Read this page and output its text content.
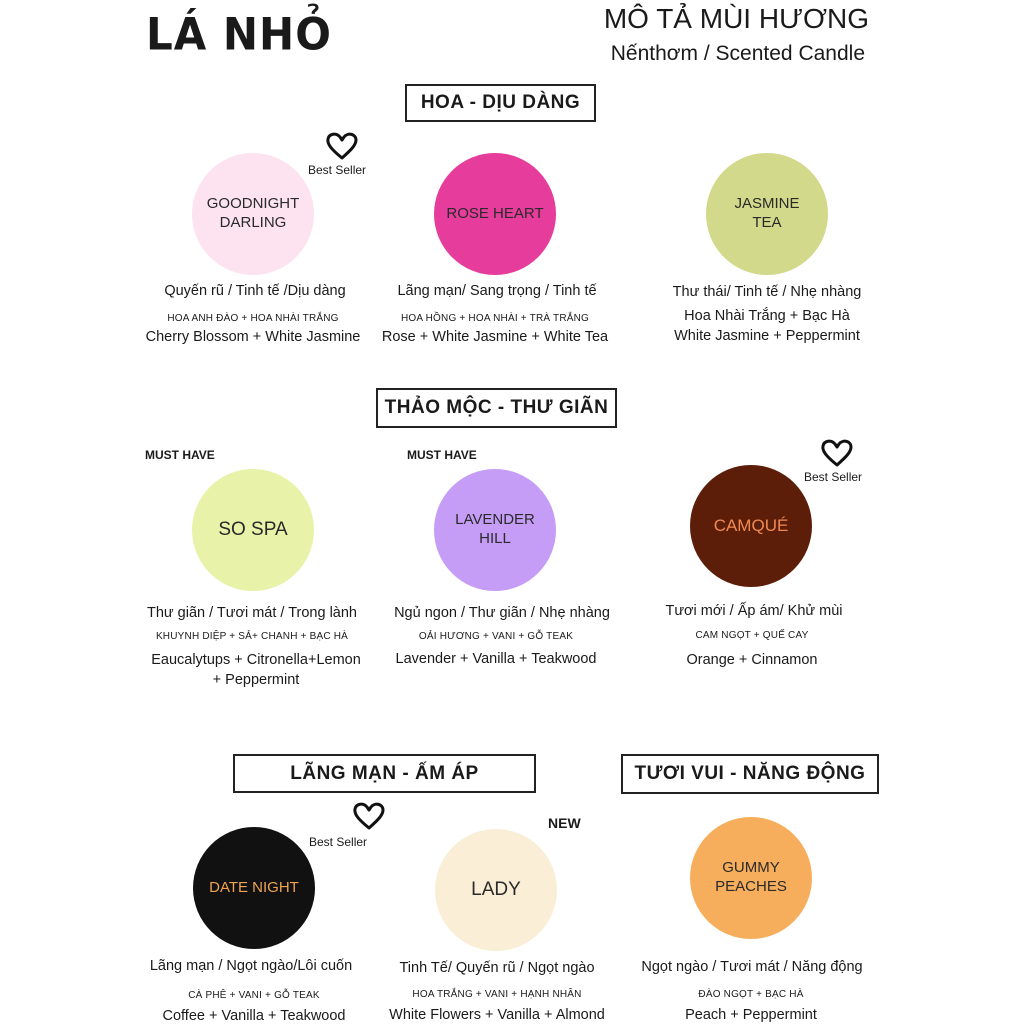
LÁ NHỎ	MÔ TẢ MÙI HƯƠNG
Nếnthơm / Scented Candle
HOA - DỊU DÀNG
THẢO MỘC - THƯ GIÃN
LÃNG MẠN - ẤM ÁP	TƯƠI VUI - NĂNG ĐỘNG
Best Seller
GOODNIGHT
DARLING
Quyến rũ / Tinh tế /Dịu dàng
HOA ANH ĐÀO + HOA NHÀI TRẮNG
Cherry Blossom + White Jasmine
ROSE HEART
Lãng mạn/ Sang trọng / Tinh tế
HOA HỒNG + HOA NHÀI + TRÀ TRẮNG
Rose + White Jasmine + White Tea
JASMINE
TEA
Thư thái/ Tinh tế / Nhẹ nhàng
Hoa Nhài Trắng + Bạc Hà
White Jasmine + Peppermint
MUST HAVE	MUST HAVE
Best Seller
SO SPA
Thư giãn / Tươi mát / Trong lành
KHUYNH DIỆP + SẢ+ CHANH + BẠC HÀ
Eaucalytups + Citronella+Lemon
+ Peppermint
LAVENDER
HILL
Ngủ ngon / Thư giãn / Nhẹ nhàng
OẢI HƯƠNG + VANI + GỖ TEAK
Lavender + Vanilla + Teakwood
CAMQUÉ
Tươi mới / Ấp ám/ Khử mùi
CAM NGỌT + QUẾ CAY
Orange + Cinnamon
Best Seller
NEW
DATE NIGHT
Lãng mạn / Ngọt ngào/Lôi cuốn
CÀ PHÊ + VANI + GỖ TEAK
Coffee + Vanilla + Teakwood
LADY
Tinh Tế/ Quyến rũ / Ngọt ngào
HOA TRẮNG + VANI + HẠNH NHÂN
White Flowers + Vanilla + Almond
GUMMY
PEACHES
Ngọt ngào / Tươi mát / Năng động
ĐÀO NGỌT + BẠC HÀ
Peach + Peppermint
